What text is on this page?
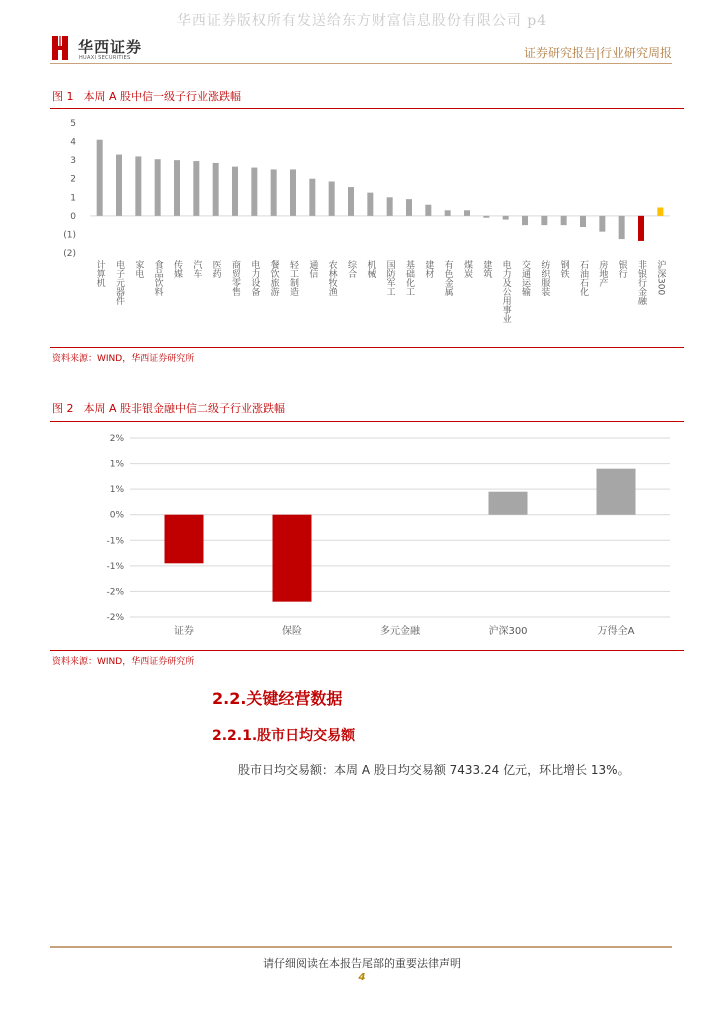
华西证券版权所有发送给东方财富信息股份有限公司 p4
华西证券
HUAXI SECURITIES	证券研究报告|行业研究周报
图 1 本周 A 股中信一级子行业涨跌幅
5
4
3
2
1
0
(1)
(2)
计算机 电子元器件 家电 食品饮料 传媒 汽车 医药 商贸零售 电力设备 餐饮旅游 轻工制造 通信 农林牧渔 综合 机械 国防军工 基础化工 建材 有色金属 煤炭 建筑 电力及公用事业 交通运输 纺织服装 钢铁 石油石化 房地产 银行 非银行金融 沪深300
资料来源：WIND，华西证券研究所
图 2 本周 A 股非银金融中信二级子行业涨跌幅
2%
1%
1%
0%
-1%
-1%
-2%
-2%
证券	保险	多元金融	沪深300	万得全A
资料来源：WIND，华西证券研究所
2.2.关键经营数据
2.2.1.股市日均交易额
股市日均交易额：本周 A 股日均交易额 7433.24 亿元，环比增长 13%。
请仔细阅读在本报告尾部的重要法律声明
4
